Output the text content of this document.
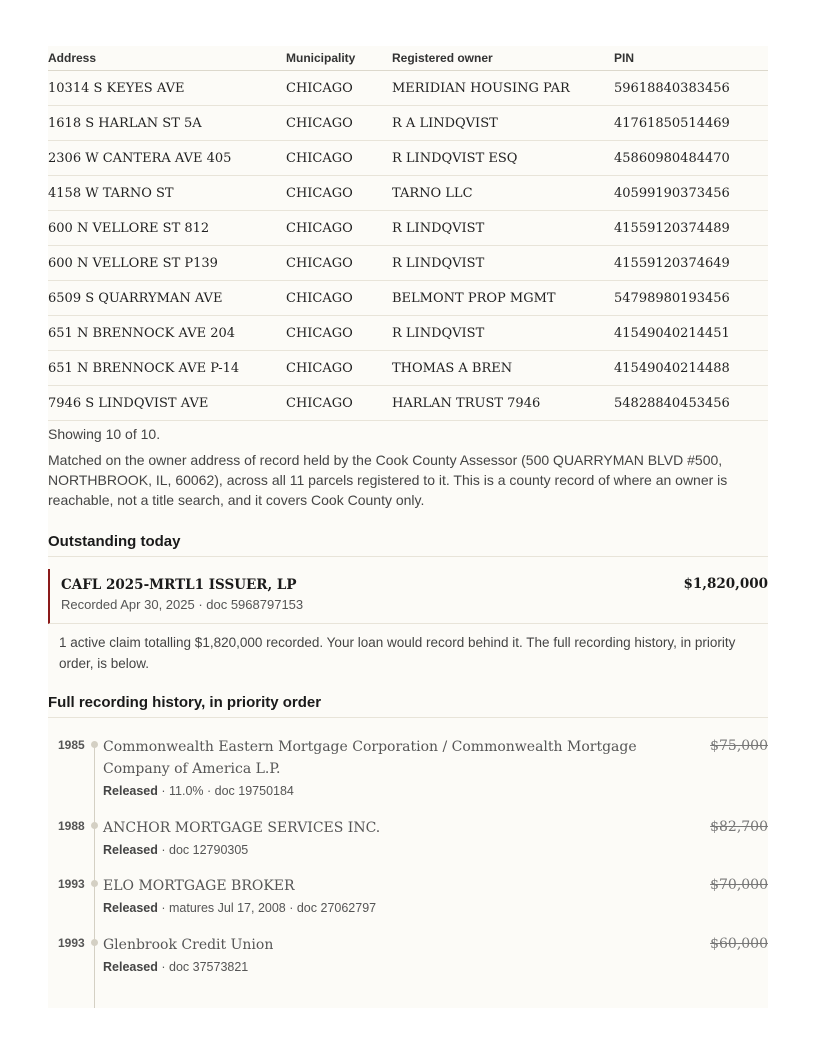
Address	Municipality	Registered owner	PIN
10314 S KEYES AVE	CHICAGO	MERIDIAN HOUSING PAR	59618840383456
1618 S HARLAN ST 5A	CHICAGO	R A LINDQVIST	41761850514469
2306 W CANTERA AVE 405	CHICAGO	R LINDQVIST ESQ	45860980484470
4158 W TARNO ST	CHICAGO	TARNO LLC	40599190373456
600 N VELLORE ST 812	CHICAGO	R LINDQVIST	41559120374489
600 N VELLORE ST P139	CHICAGO	R LINDQVIST	41559120374649
6509 S QUARRYMAN AVE	CHICAGO	BELMONT PROP MGMT	54798980193456
651 N BRENNOCK AVE 204	CHICAGO	R LINDQVIST	41549040214451
651 N BRENNOCK AVE P-14	CHICAGO	THOMAS A BREN	41549040214488
7946 S LINDQVIST AVE	CHICAGO	HARLAN TRUST 7946	54828840453456
Showing 10 of 10.
Matched on the owner address of record held by the Cook County Assessor (500 QUARRYMAN BLVD #500, NORTHBROOK, IL, 60062), across all 11 parcels registered to it. This is a county record of where an owner is reachable, not a title search, and it covers Cook County only.
Outstanding today
CAFL 2025-MRTL1 ISSUER, LP	$1,820,000
Recorded Apr 30, 2025 · doc 5968797153
1 active claim totalling $1,820,000 recorded. Your loan would record behind it. The full recording history, in priority order, is below.
Full recording history, in priority order
1985 Commonwealth Eastern Mortgage Corporation / Commonwealth Mortgage Company of America L.P.
$75,000
Released · 11.0% · doc 19750184
1988 ANCHOR MORTGAGE SERVICES INC.	$82,700
Released · doc 12790305
1993 ELO MORTGAGE BROKER	$70,000
Released · matures Jul 17, 2008 · doc 27062797
1993 Glenbrook Credit Union	$60,000
Released · doc 37573821
